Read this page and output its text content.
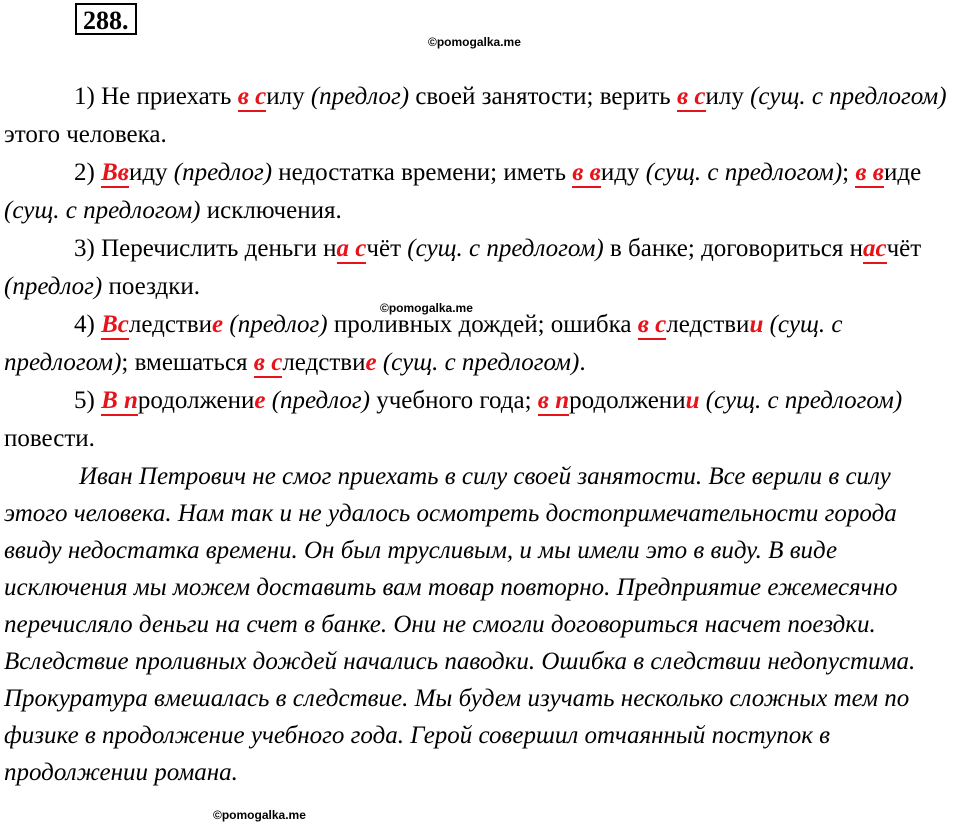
288.
©pomogalka.me
©pomogalka.me
©pomogalka.me

1) Не приехать в силу (предлог) своей занятости; верить в силу (сущ. с предлогом) этого человека.

2) Ввиду (предлог) недостатка времени; иметь в виду (сущ. с предлогом); в виде (сущ. с предлогом) исключения.

3) Перечислить деньги на счёт (сущ. с предлогом) в банке; договориться насчёт (предлог) поездки.

4) Вследствие (предлог) проливных дождей; ошибка в следствии (сущ. с предлогом); вмешаться в следствие (сущ. с предлогом).

5) В продолжение (предлог) учебного года; в продолжении (сущ. с предлогом) повести.

Иван Петрович не смог приехать в силу своей занятости. Все верили в силу этого человека. Нам так и не удалось осмотреть достопримечательности города ввиду недостатка времени. Он был трусливым, и мы имели это в виду. В виде исключения мы можем доставить вам товар повторно. Предприятие ежемесячно перечисляло деньги на счет в банке. Они не смогли договориться насчет поездки. Вследствие проливных дождей начались паводки. Ошибка в следствии недопустима. Прокуратура вмешалась в следствие. Мы будем изучать несколько сложных тем по физике в продолжение учебного года. Герой совершил отчаянный поступок в продолжении романа.
